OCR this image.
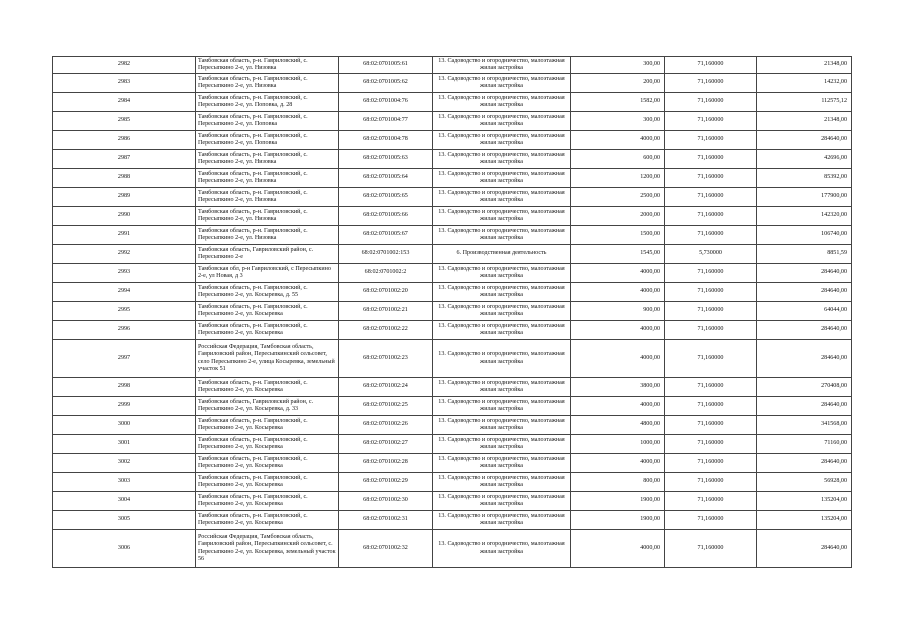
2982	Тамбовская область, р-н. Гавриловский, с. Пересыпкино 2-е, ул. Низовка	68:02:0701005:61	13. Садоводство и огородничество, малоэтажная жилая застройка	300,00	71,160000	21348,00
2983	Тамбовская область, р-н. Гавриловский, с. Пересыпкино 2-е, ул. Низовка	68:02:0701005:62	13. Садоводство и огородничество, малоэтажная жилая застройка	200,00	71,160000	14232,00
2984	Тамбовская область, р-н. Гавриловский, с. Пересыпкино 2-е, ул. Поповка, д. 28	68:02:0701004:76	13. Садоводство и огородничество, малоэтажная жилая застройка	1582,00	71,160000	112575,12
2985	Тамбовская область, р-н. Гавриловский, с. Пересыпкино 2-е, ул. Поповка	68:02:0701004:77	13. Садоводство и огородничество, малоэтажная жилая застройка	300,00	71,160000	21348,00
2986	Тамбовская область, р-н. Гавриловский, с. Пересыпкино 2-е, ул. Поповка	68:02:0701004:78	13. Садоводство и огородничество, малоэтажная жилая застройка	4000,00	71,160000	284640,00
2987	Тамбовская область, р-н. Гавриловский, с. Пересыпкино 2-е, ул. Низовка	68:02:0701005:63	13. Садоводство и огородничество, малоэтажная жилая застройка	600,00	71,160000	42696,00
2988	Тамбовская область, р-н. Гавриловский, с. Пересыпкино 2-е, ул. Низовка	68:02:0701005:64	13. Садоводство и огородничество, малоэтажная жилая застройка	1200,00	71,160000	85392,00
2989	Тамбовская область, р-н. Гавриловский, с. Пересыпкино 2-е, ул. Низовка	68:02:0701005:65	13. Садоводство и огородничество, малоэтажная жилая застройка	2500,00	71,160000	177900,00
2990	Тамбовская область, р-н. Гавриловский, с. Пересыпкино 2-е, ул. Низовка	68:02:0701005:66	13. Садоводство и огородничество, малоэтажная жилая застройка	2000,00	71,160000	142320,00
2991	Тамбовская область, р-н. Гавриловский, с. Пересыпкино 2-е, ул. Низовка	68:02:0701005:67	13. Садоводство и огородничество, малоэтажная жилая застройка	1500,00	71,160000	106740,00
2992	Тамбовская область, Гавриловский район, с. Пересыпкино 2-е	68:02:0701002:153	6. Производственная деятельность	1545,00	5,730000	8851,59
2993	Тамбовская обл, р-н Гавриловский, с Пересыпкино 2-е, ул Новая, д 3	68:02:0701002:2	13. Садоводство и огородничество, малоэтажная жилая застройка	4000,00	71,160000	284640,00
2994	Тамбовская область, р-н. Гавриловский, с. Пересыпкино 2-е, ул. Косыревка, д. 55	68:02:0701002:20	13. Садоводство и огородничество, малоэтажная жилая застройка	4000,00	71,160000	284640,00
2995	Тамбовская область, р-н. Гавриловский, с. Пересыпкино 2-е, ул. Косыревка	68:02:0701002:21	13. Садоводство и огородничество, малоэтажная жилая застройка	900,00	71,160000	64044,00
2996	Тамбовская область, р-н. Гавриловский, с. Пересыпкино 2-е, ул. Косыревка	68:02:0701002:22	13. Садоводство и огородничество, малоэтажная жилая застройка	4000,00	71,160000	284640,00
2997	Российская Федерация, Тамбовская область, Гавриловский район, Пересыпкинский сельсовет, село Пересыпкино 2-е, улица Косыревка, земельный участок 51	68:02:0701002:23	13. Садоводство и огородничество, малоэтажная жилая застройка	4000,00	71,160000	284640,00
2998	Тамбовская область, р-н. Гавриловский, с. Пересыпкино 2-е, ул. Косыревка	68:02:0701002:24	13. Садоводство и огородничество, малоэтажная жилая застройка	3800,00	71,160000	270408,00
2999	Тамбовская область, Гавриловский район, с. Пересыпкино 2-е, ул. Косыревка, д. 33	68:02:0701002:25	13. Садоводство и огородничество, малоэтажная жилая застройка	4000,00	71,160000	284640,00
3000	Тамбовская область, р-н. Гавриловский, с. Пересыпкино 2-е, ул. Косыревка	68:02:0701002:26	13. Садоводство и огородничество, малоэтажная жилая застройка	4800,00	71,160000	341568,00
3001	Тамбовская область, р-н. Гавриловский, с. Пересыпкино 2-е, ул. Косыревка	68:02:0701002:27	13. Садоводство и огородничество, малоэтажная жилая застройка	1000,00	71,160000	71160,00
3002	Тамбовская область, р-н. Гавриловский, с. Пересыпкино 2-е, ул. Косыревка	68:02:0701002:28	13. Садоводство и огородничество, малоэтажная жилая застройка	4000,00	71,160000	284640,00
3003	Тамбовская область, р-н. Гавриловский, с. Пересыпкино 2-е, ул. Косыревка	68:02:0701002:29	13. Садоводство и огородничество, малоэтажная жилая застройка	800,00	71,160000	56928,00
3004	Тамбовская область, р-н. Гавриловский, с. Пересыпкино 2-е, ул. Косыревка	68:02:0701002:30	13. Садоводство и огородничество, малоэтажная жилая застройка	1900,00	71,160000	135204,00
3005	Тамбовская область, р-н. Гавриловский, с. Пересыпкино 2-е, ул. Косыревка	68:02:0701002:31	13. Садоводство и огородничество, малоэтажная жилая застройка	1900,00	71,160000	135204,00
3006	Российская Федерация, Тамбовская область, Гавриловский район, Пересыпкинский сельсовет, с. Пересыпкино 2-е, ул. Косыревка, земельный участок 56	68:02:0701002:32	13. Садоводство и огородничество, малоэтажная жилая застройка	4000,00	71,160000	284640,00
